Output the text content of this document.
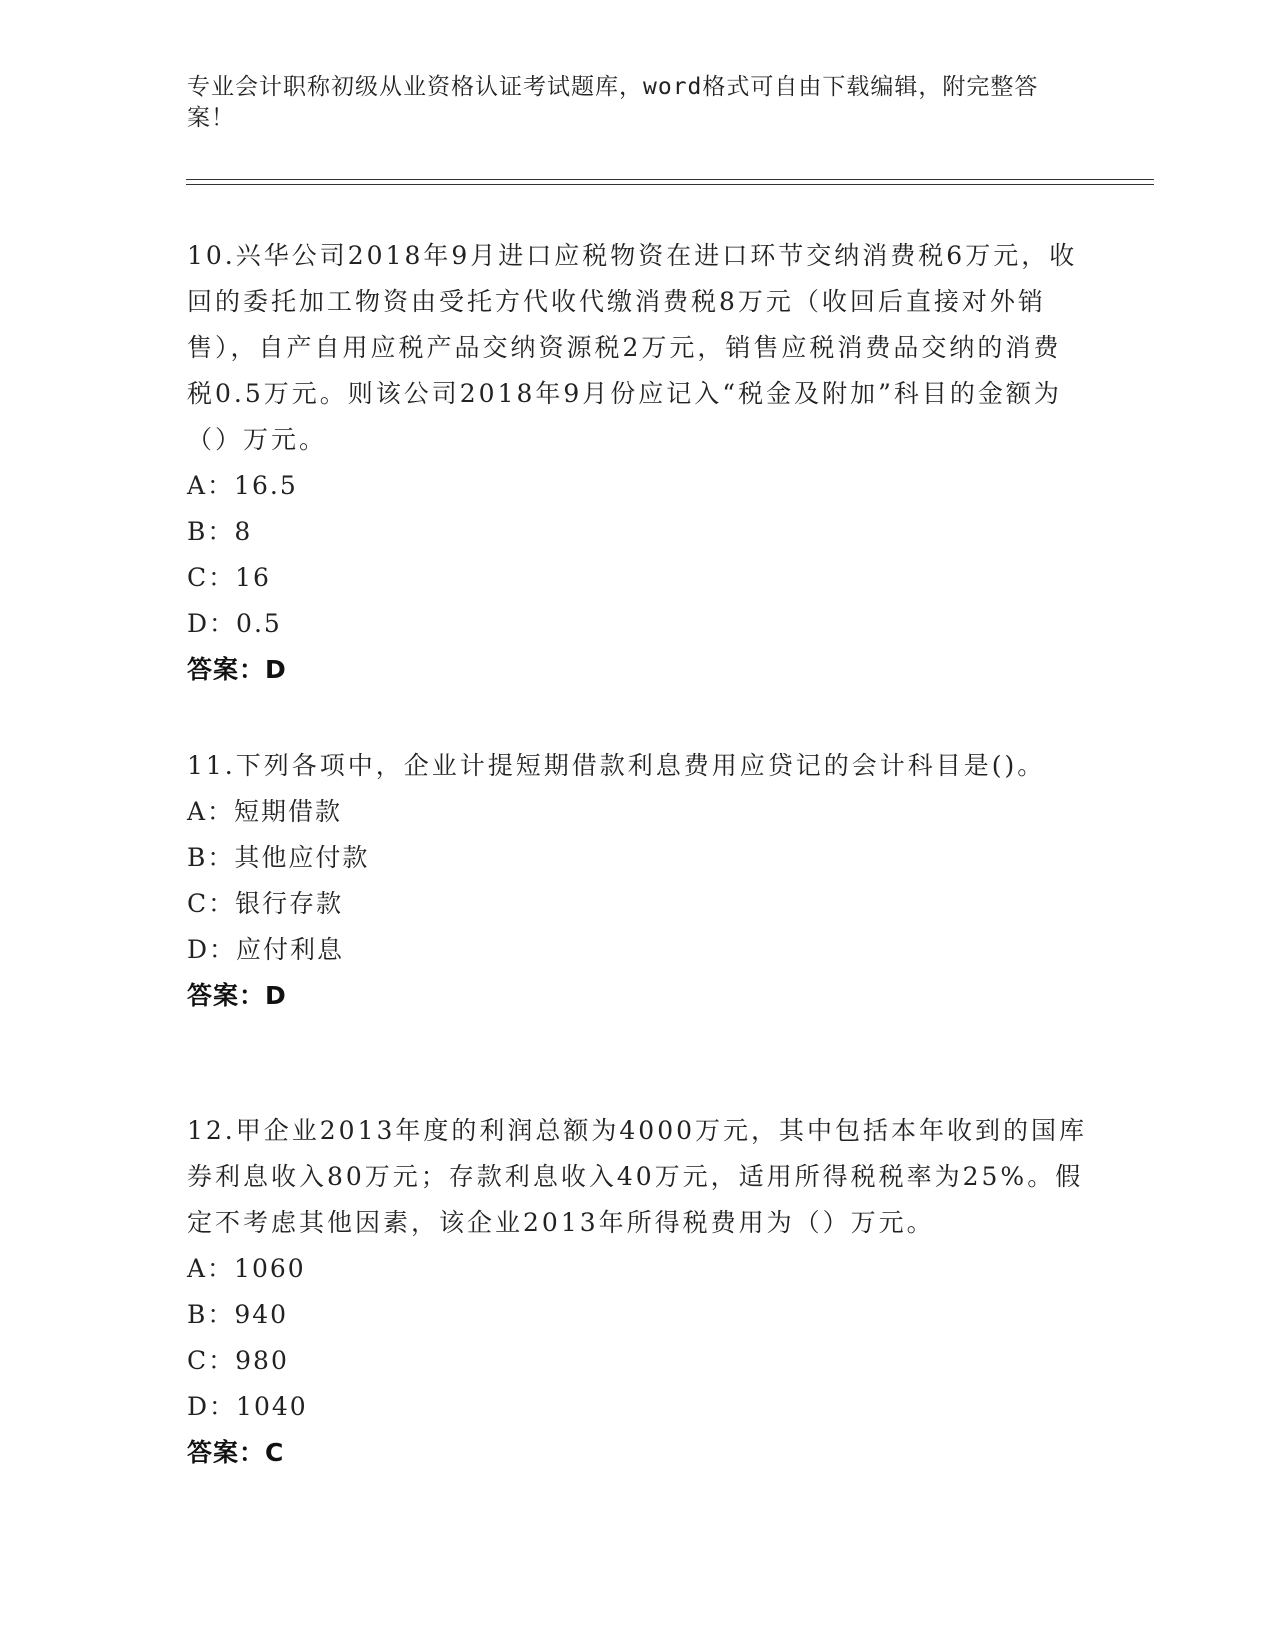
专业会计职称初级从业资格认证考试题库，word格式可自由下载编辑，附完整答案！

10.兴华公司2018年9月进口应税物资在进口环节交纳消费税6万元，收回的委托加工物资由受托方代收代缴消费税8万元（收回后直接对外销售），自产自用应税产品交纳资源税2万元，销售应税消费品交纳的消费税0.5万元。则该公司2018年9月份应记入“税金及附加”科目的金额为（）万元。

A：16.5

B：8

C：16

D：0.5

答案：D

11.下列各项中，企业计提短期借款利息费用应贷记的会计科目是()。

A：短期借款

B：其他应付款

C：银行存款

D：应付利息

答案：D

12.甲企业2013年度的利润总额为4000万元，其中包括本年收到的国库券利息收入80万元；存款利息收入40万元，适用所得税税率为25%。假定不考虑其他因素，该企业2013年所得税费用为（）万元。

A：1060

B：940

C：980

D：1040

答案：C
